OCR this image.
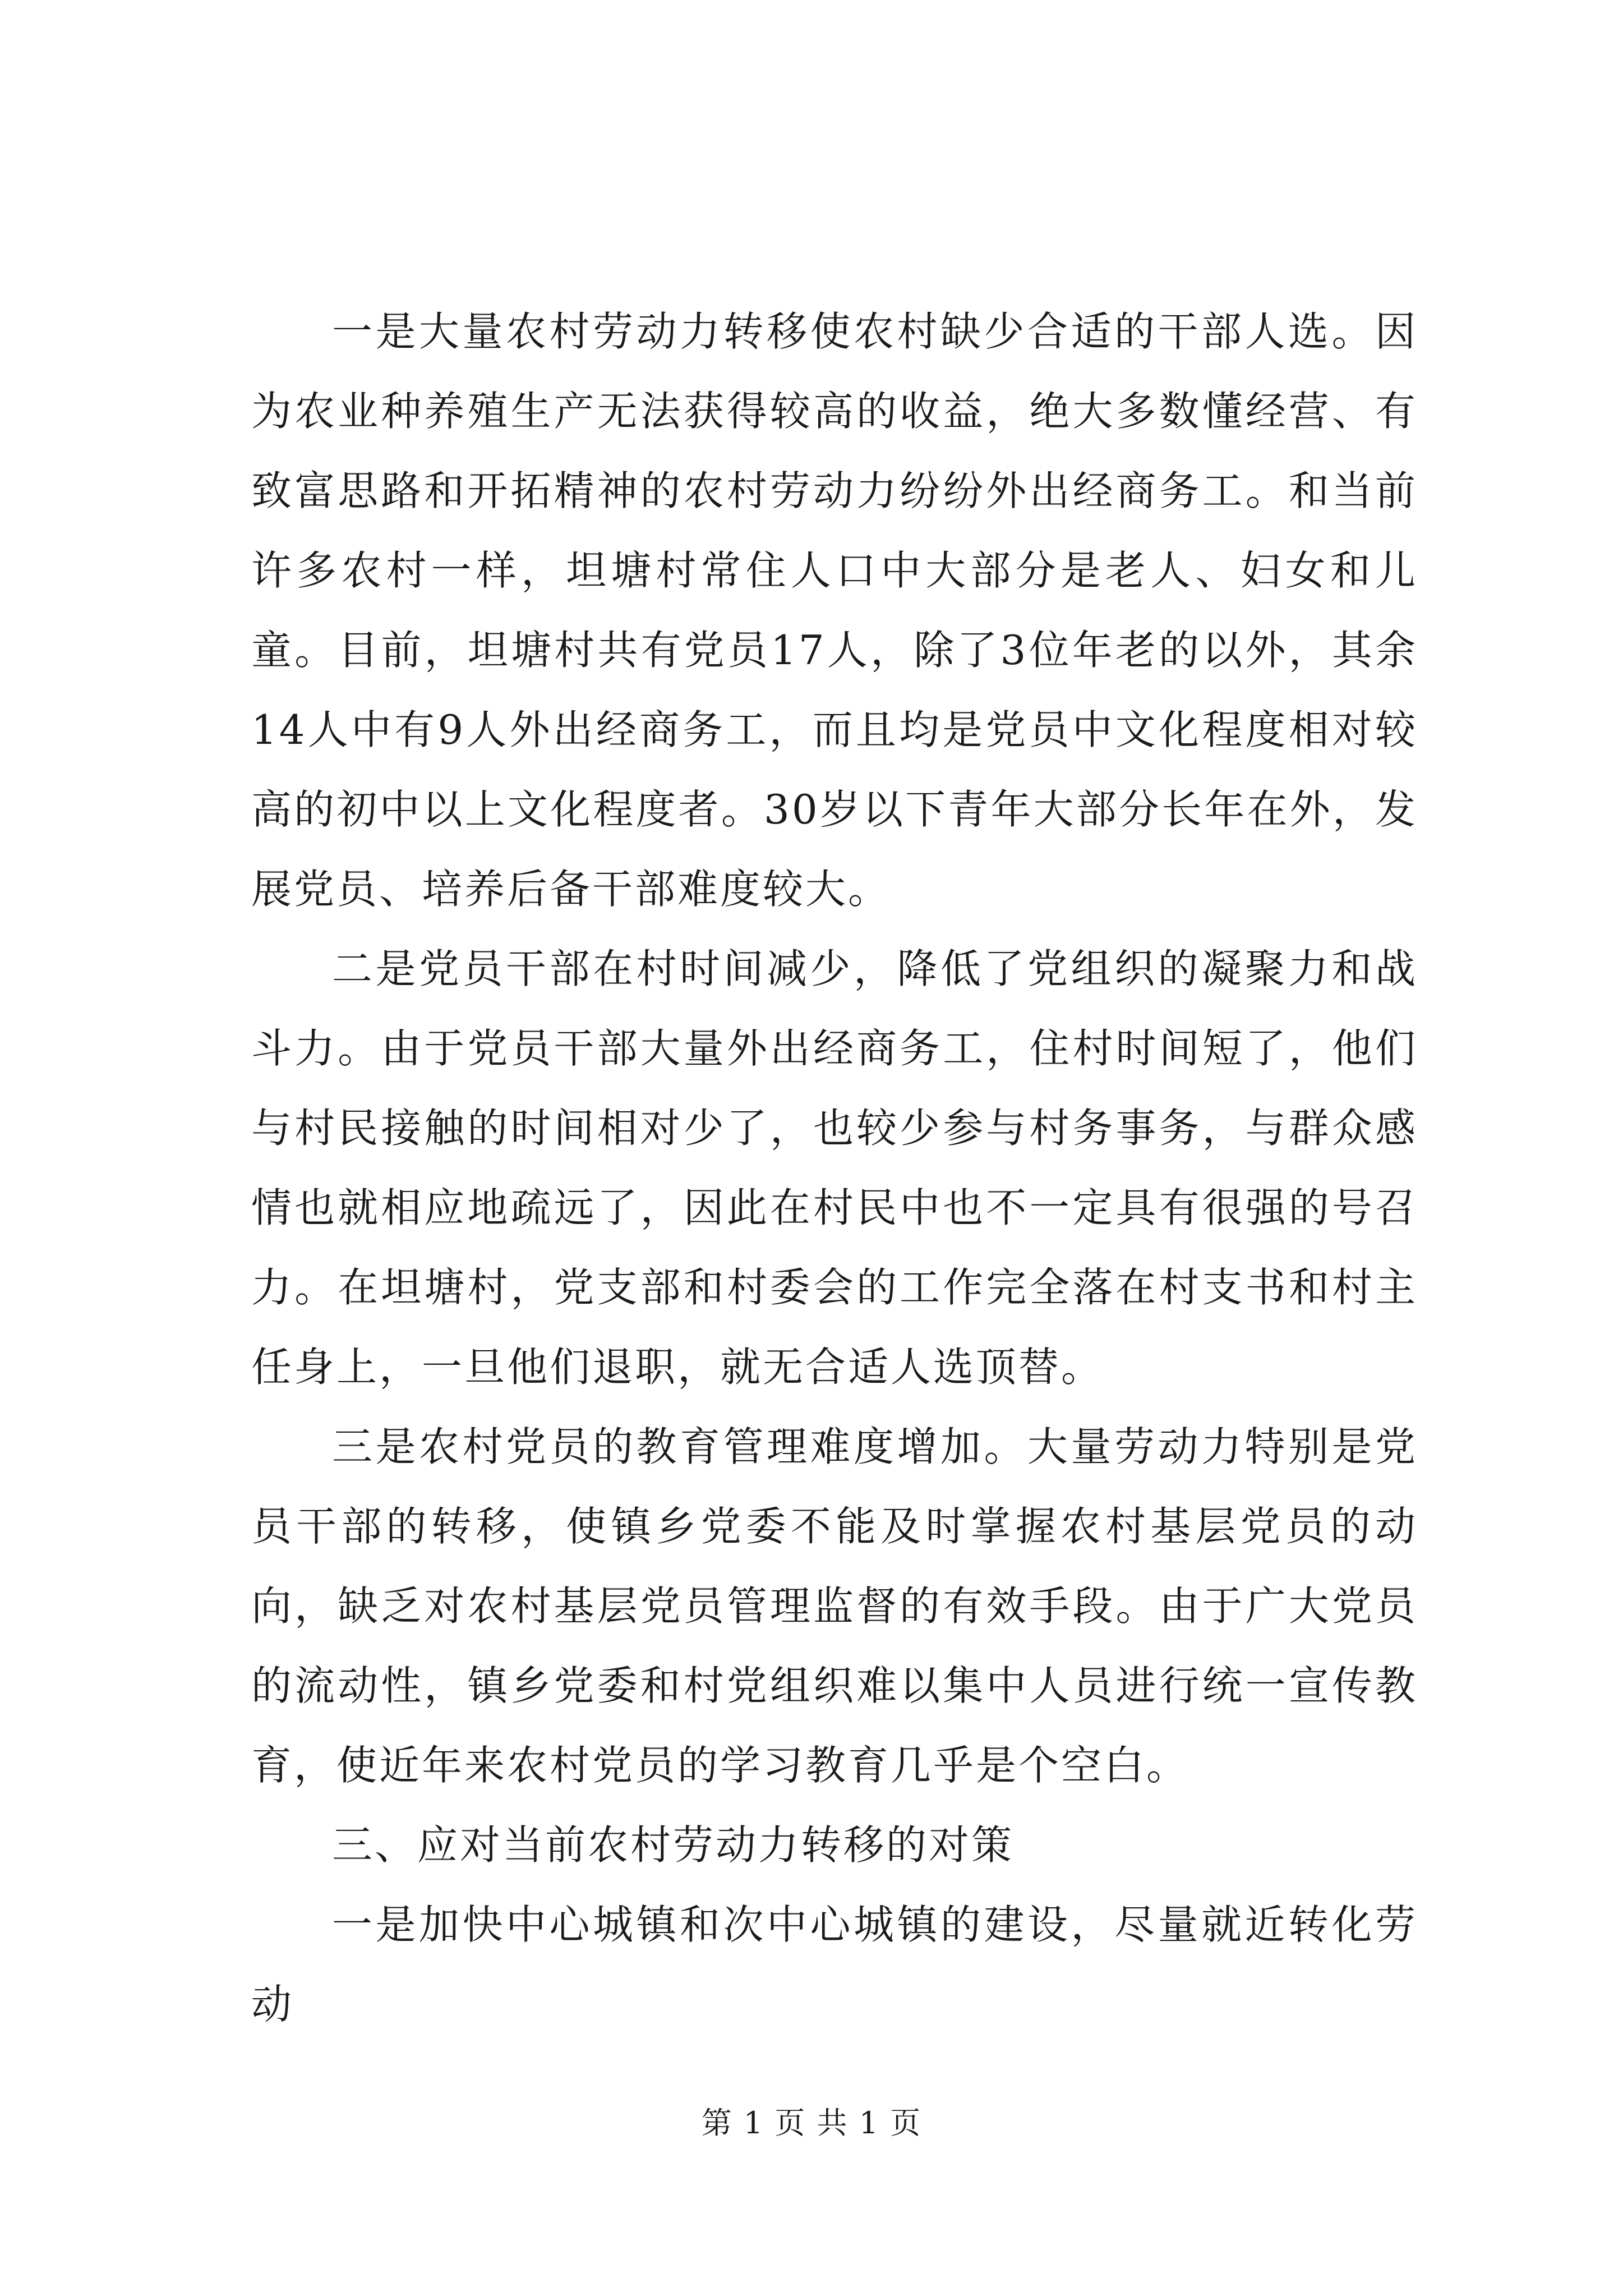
一是大量农村劳动力转移使农村缺少合适的干部人选。因为农业种养殖生产无法获得较高的收益，绝大多数懂经营、有致富思路和开拓精神的农村劳动力纷纷外出经商务工。和当前许多农村一样，坦塘村常住人口中大部分是老人、妇女和儿童。目前，坦塘村共有党员17人，除了3位年老的以外，其余14人中有9人外出经商务工，而且均是党员中文化程度相对较高的初中以上文化程度者。30岁以下青年大部分长年在外，发展党员、培养后备干部难度较大。

二是党员干部在村时间减少，降低了党组织的凝聚力和战斗力。由于党员干部大量外出经商务工，住村时间短了，他们与村民接触的时间相对少了，也较少参与村务事务，与群众感情也就相应地疏远了，因此在村民中也不一定具有很强的号召力。在坦塘村，党支部和村委会的工作完全落在村支书和村主任身上，一旦他们退职，就无合适人选顶替。

三是农村党员的教育管理难度增加。大量劳动力特别是党员干部的转移，使镇乡党委不能及时掌握农村基层党员的动向，缺乏对农村基层党员管理监督的有效手段。由于广大党员的流动性，镇乡党委和村党组织难以集中人员进行统一宣传教育，使近年来农村党员的学习教育几乎是个空白。

三、应对当前农村劳动力转移的对策

一是加快中心城镇和次中心城镇的建设，尽量就近转化劳动

第 1 页 共 1 页
